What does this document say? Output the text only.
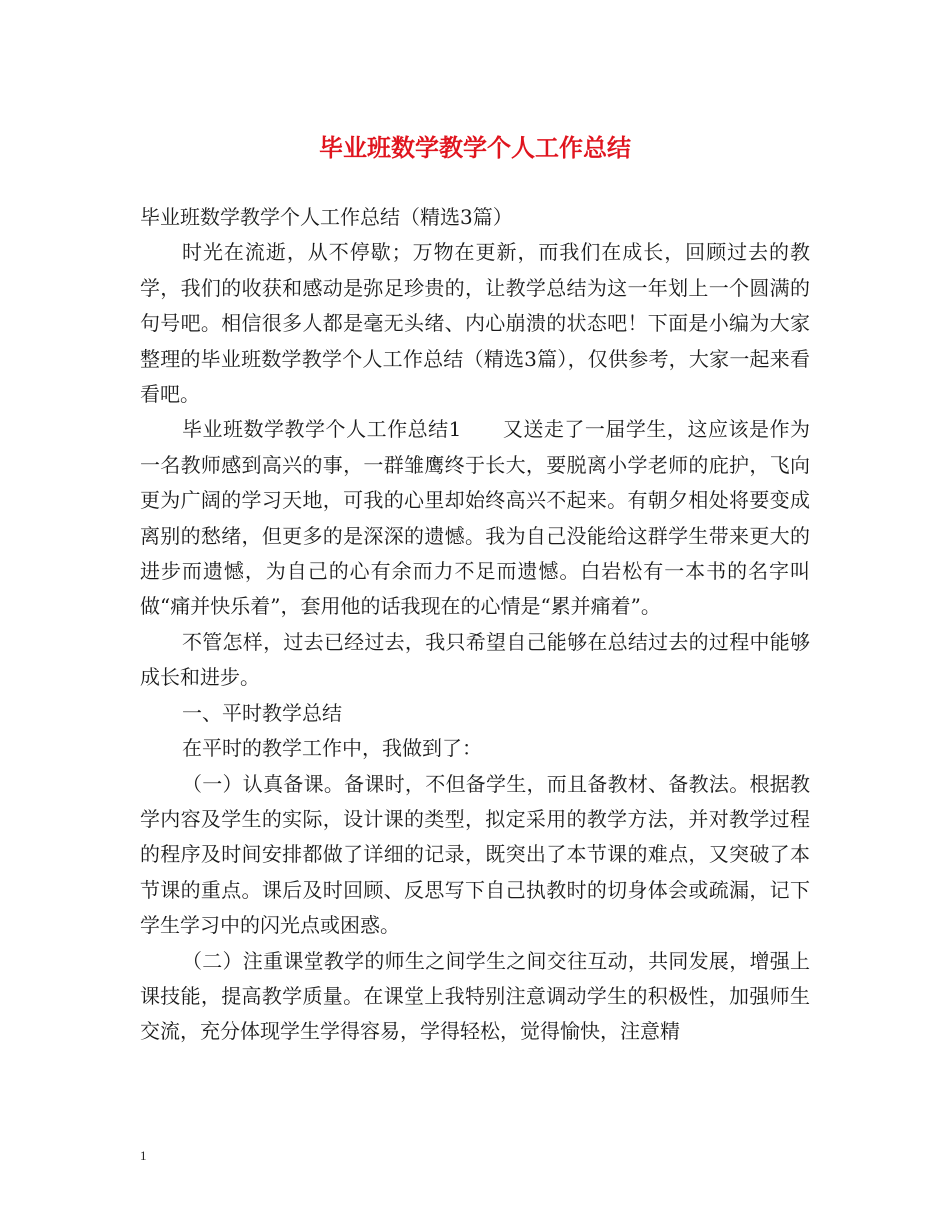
毕业班数学教学个人工作总结

毕业班数学教学个人工作总结（精选3篇）

时光在流逝，从不停歇；万物在更新，而我们在成长，回顾过去的教学，我们的收获和感动是弥足珍贵的，让教学总结为这一年划上一个圆满的句号吧。相信很多人都是毫无头绪、内心崩溃的状态吧！下面是小编为大家整理的毕业班数学教学个人工作总结（精选3篇），仅供参考，大家一起来看看吧。

毕业班数学教学个人工作总结1　　又送走了一届学生，这应该是作为一名教师感到高兴的事，一群雏鹰终于长大，要脱离小学老师的庇护，飞向更为广阔的学习天地，可我的心里却始终高兴不起来。有朝夕相处将要变成离别的愁绪，但更多的是深深的遗憾。我为自己没能给这群学生带来更大的进步而遗憾，为自己的心有余而力不足而遗憾。白岩松有一本书的名字叫做“痛并快乐着”，套用他的话我现在的心情是“累并痛着”。

不管怎样，过去已经过去，我只希望自己能够在总结过去的过程中能够成长和进步。

一、平时教学总结

在平时的教学工作中，我做到了：

（一）认真备课。备课时，不但备学生，而且备教材、备教法。根据教学内容及学生的实际，设计课的类型，拟定采用的教学方法，并对教学过程的程序及时间安排都做了详细的记录，既突出了本节课的难点，又突破了本节课的重点。课后及时回顾、反思写下自己执教时的切身体会或疏漏，记下学生学习中的闪光点或困惑。

（二）注重课堂教学的师生之间学生之间交往互动，共同发展，增强上课技能，提高教学质量。在课堂上我特别注意调动学生的积极性，加强师生交流，充分体现学生学得容易，学得轻松，觉得愉快，注意精

1
